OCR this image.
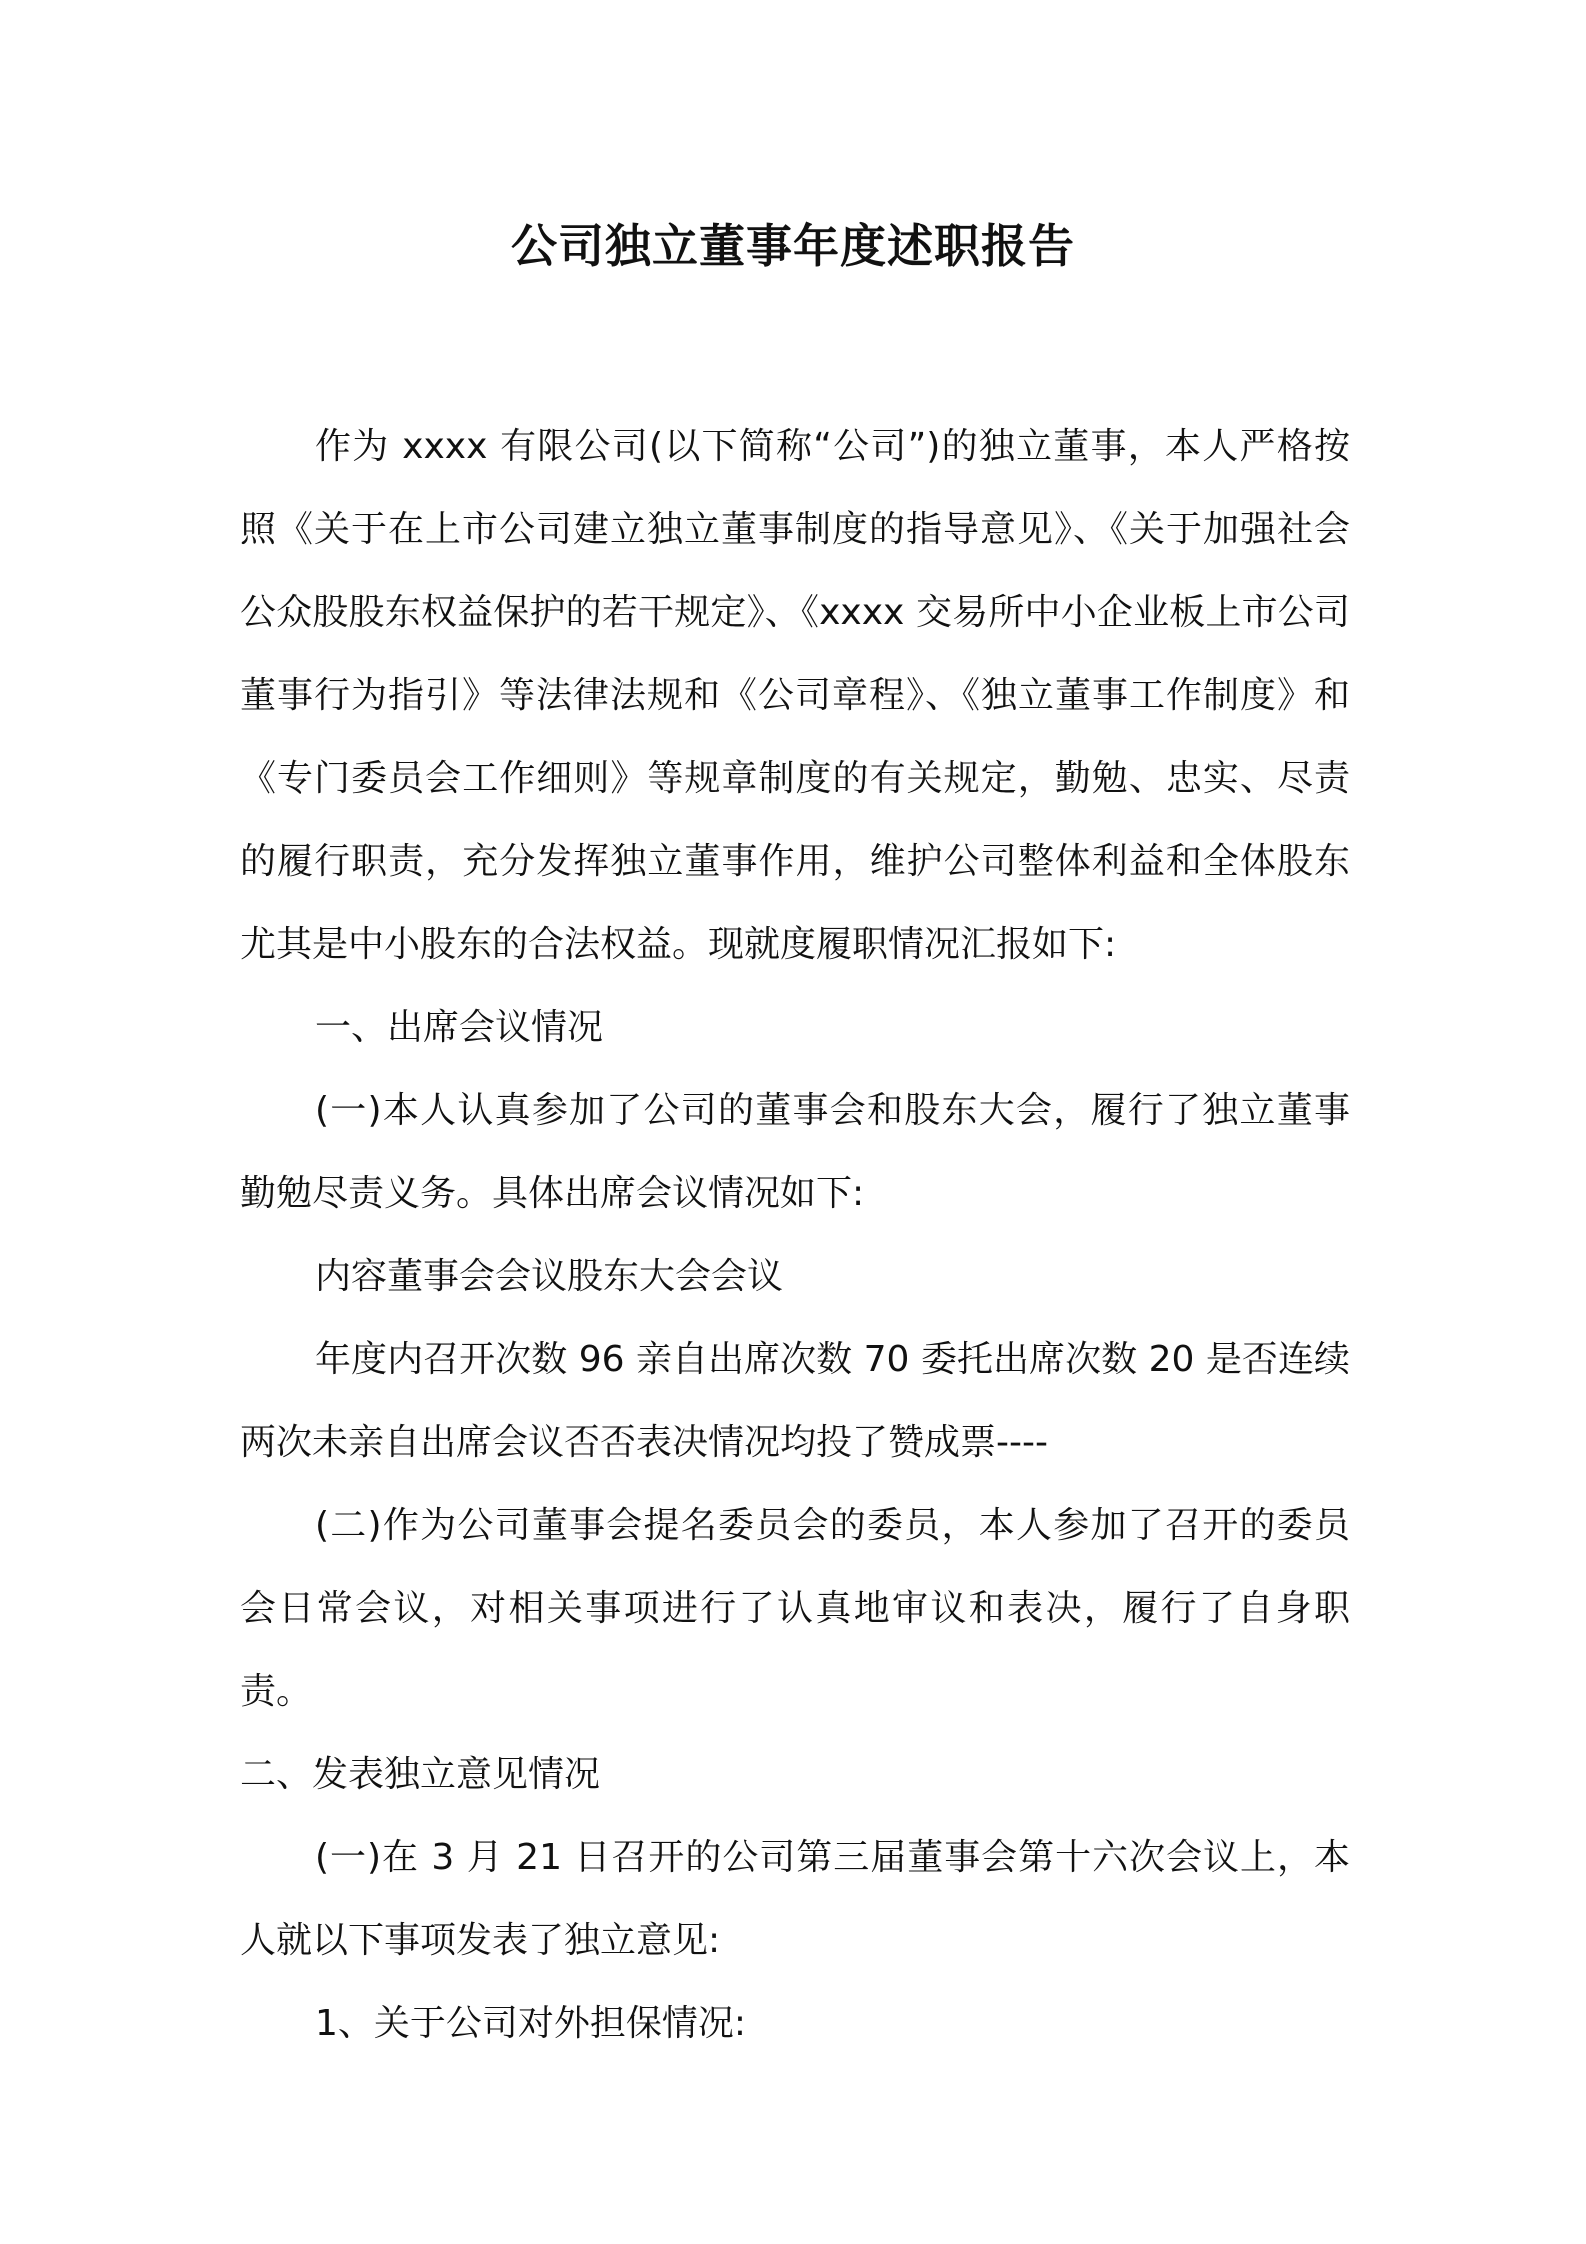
公司独立董事年度述职报告

作为 xxxx 有限公司(以下简称“公司”)的独立董事，本人严格按照《关于在上市公司建立独立董事制度的指导意见》、《关于加强社会公众股股东权益保护的若干规定》、《xxxx 交易所中小企业板上市公司董事行为指引》等法律法规和《公司章程》、《独立董事工作制度》和《专门委员会工作细则》等规章制度的有关规定，勤勉、忠实、尽责的履行职责，充分发挥独立董事作用，维护公司整体利益和全体股东尤其是中小股东的合法权益。现就度履职情况汇报如下:

一、出席会议情况

(一)本人认真参加了公司的董事会和股东大会，履行了独立董事勤勉尽责义务。具体出席会议情况如下:

内容董事会会议股东大会会议

年度内召开次数 96 亲自出席次数 70 委托出席次数 20 是否连续两次未亲自出席会议否否表决情况均投了赞成票----

(二)作为公司董事会提名委员会的委员，本人参加了召开的委员会日常会议，对相关事项进行了认真地审议和表决，履行了自身职责。

二、发表独立意见情况

(一)在 3 月 21 日召开的公司第三届董事会第十六次会议上，本人就以下事项发表了独立意见:

1、关于公司对外担保情况:
